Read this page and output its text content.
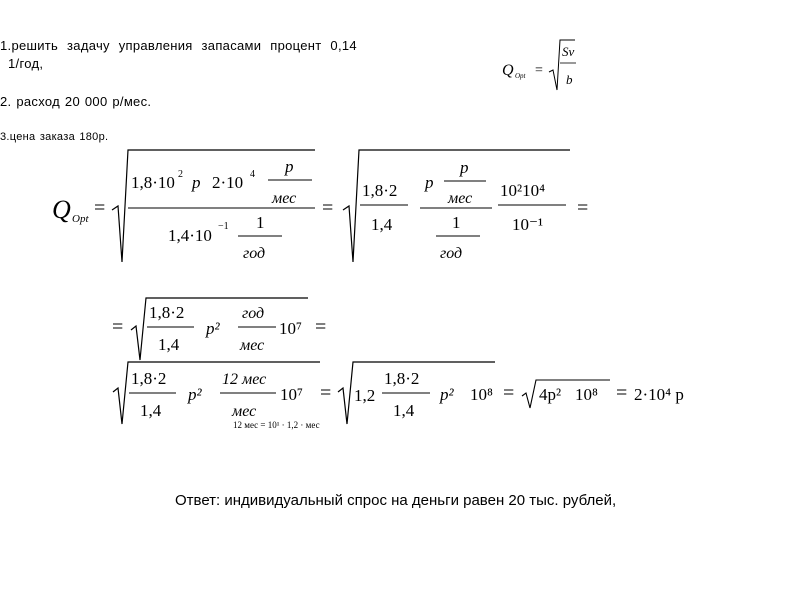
1.решить задачу управления запасами процент 0,14
1/год,
2. расход 20 000 р/мес.
3.цена заказа 180р.
Q Opt =
Sv
b
Q Opt =
1,8·10 2 p 2·10 4 p
мес
1,4·10 −1 1
год
=
1,8·2
1,4
p
p
мес
1
год
10²10⁴
10⁻¹
=
=
1,8·2
1,4
p²
год
мес
10⁷ =
1,8·2
1,4
p²
12 мес
мес
10⁷ =
12 мес = 10¹ · 1,2 · мес
1,2
1,8·2
1,4
p² 10⁸ = 4p² 10⁸ = 2·10⁴ p
Ответ: индивидуальный спрос на деньги равен 20 тыс. рублей,
